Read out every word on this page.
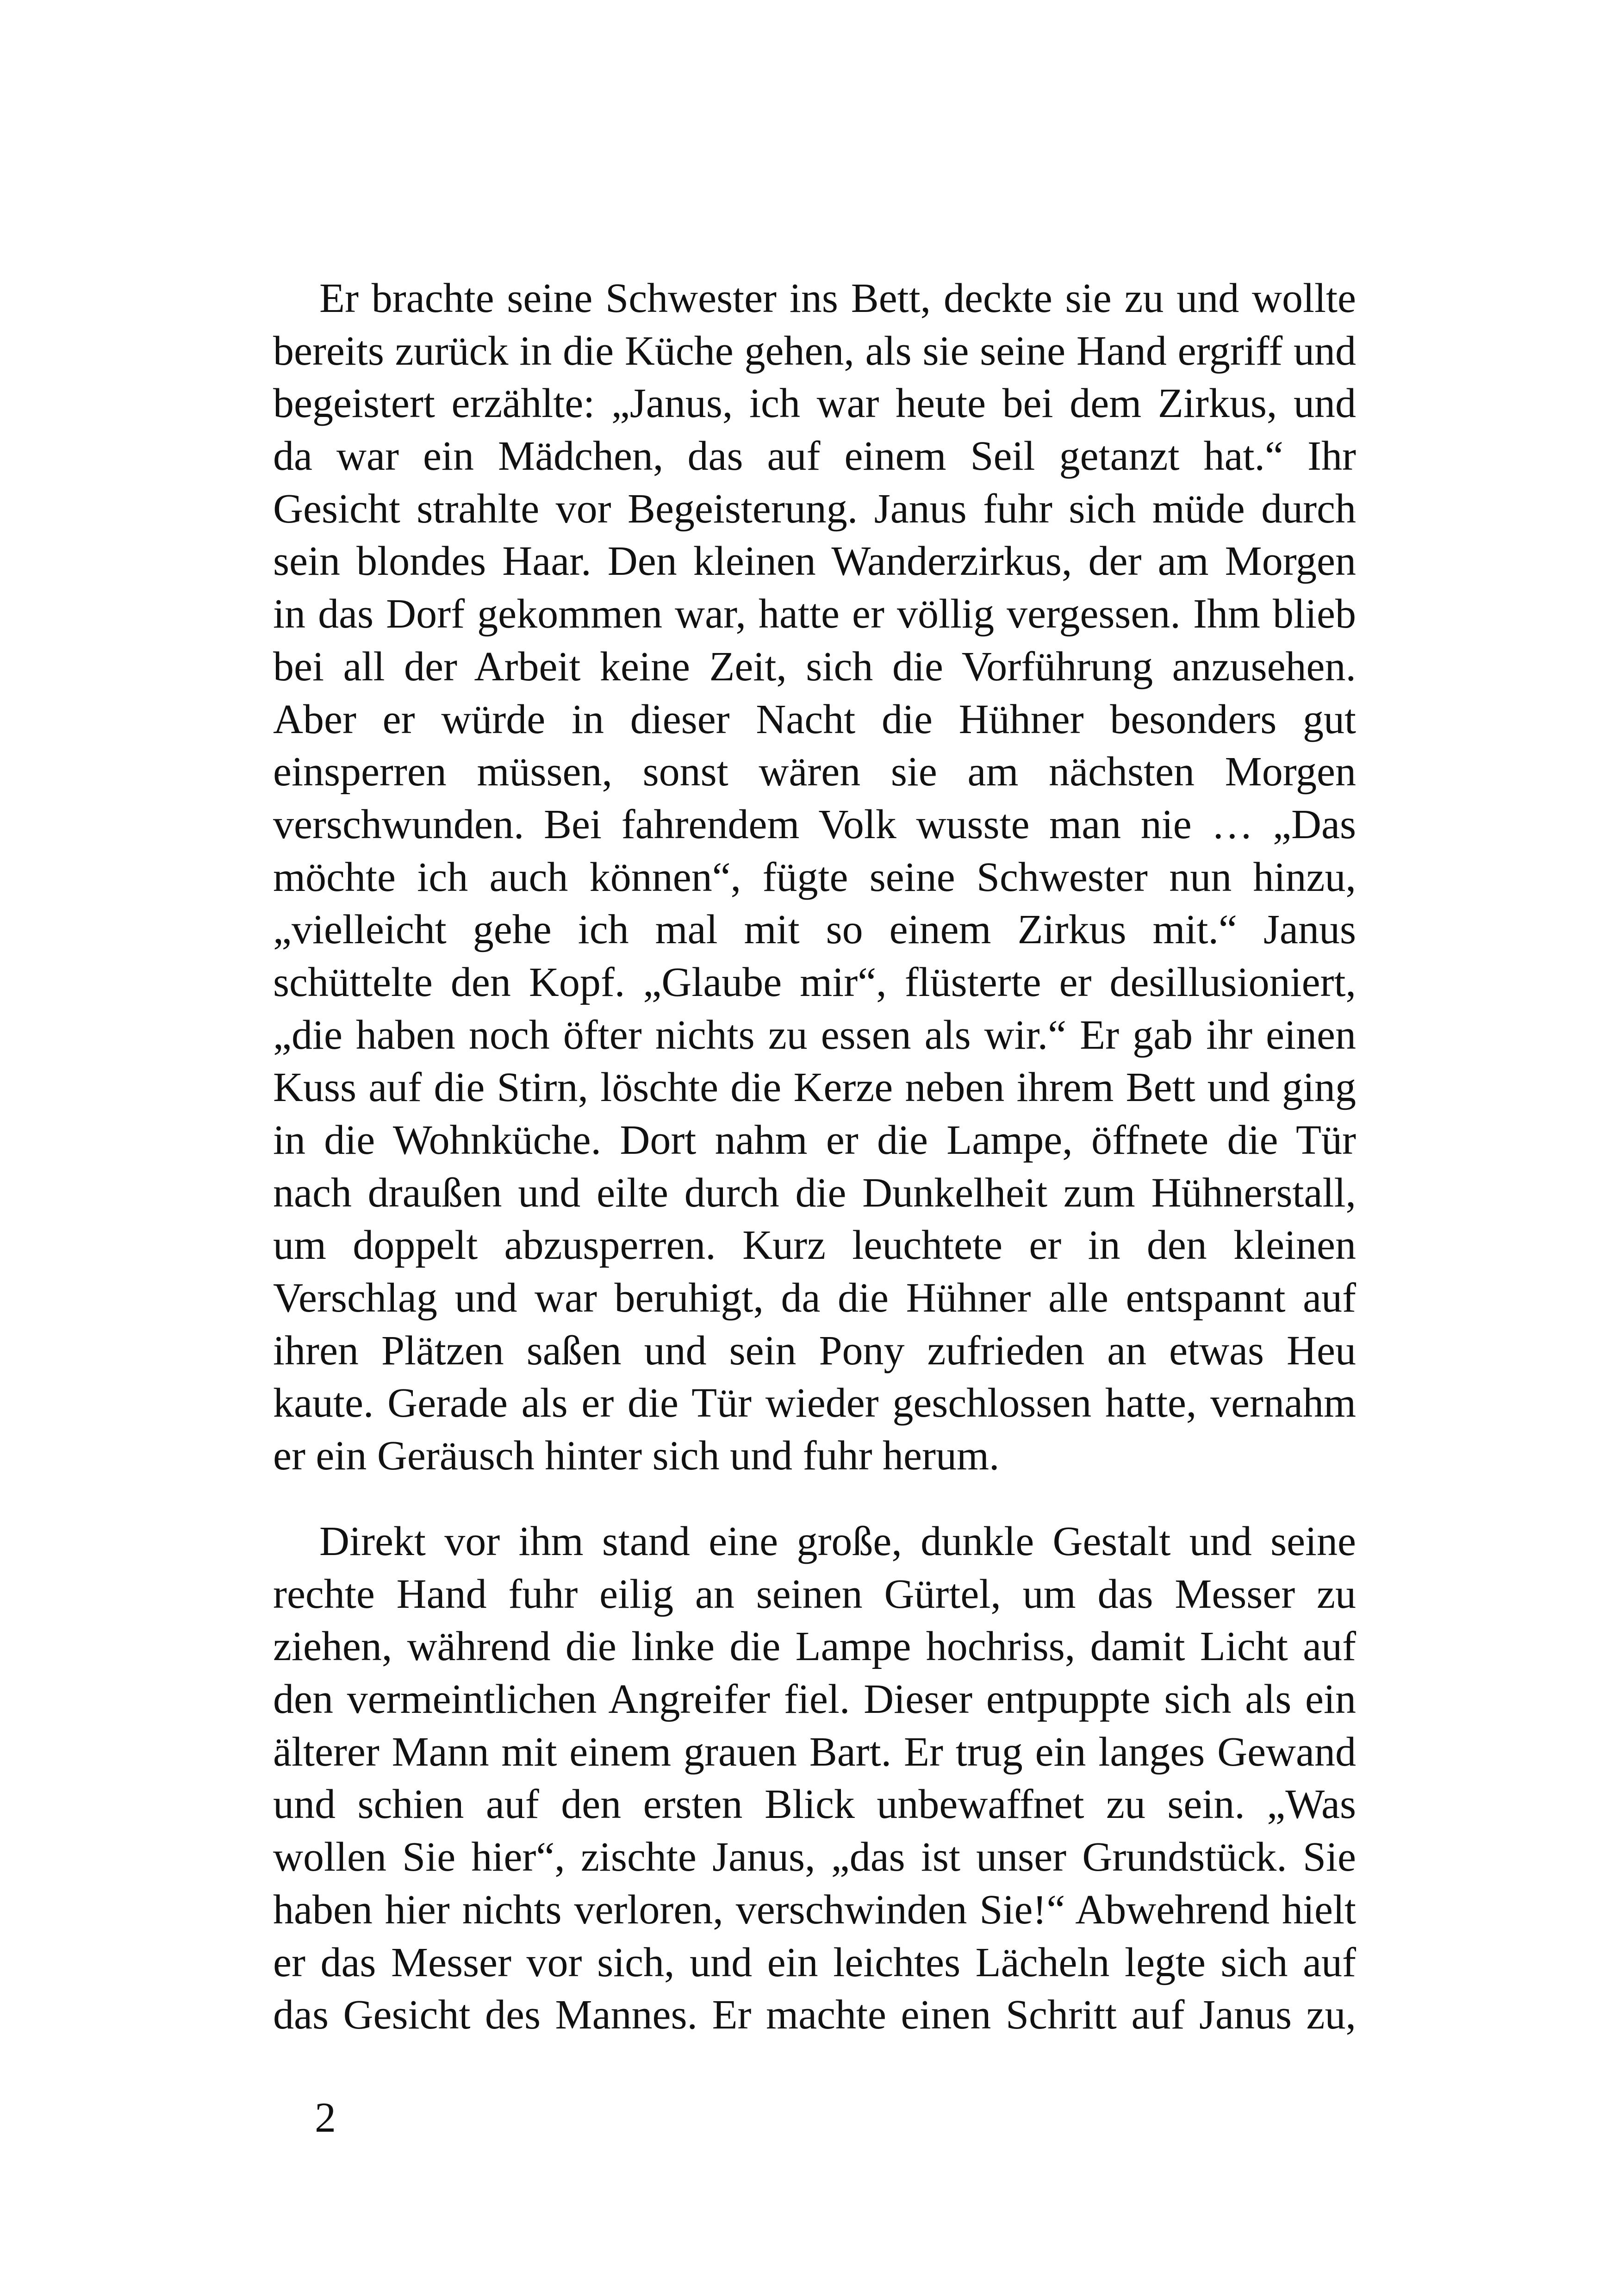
Er brachte seine Schwester ins Bett, deckte sie zu und wollte
bereits zurück in die Küche gehen, als sie seine Hand ergriff und
begeistert erzählte: „Janus, ich war heute bei dem Zirkus, und
da war ein Mädchen, das auf einem Seil getanzt hat.“ Ihr
Gesicht strahlte vor Begeisterung. Janus fuhr sich müde durch
sein blondes Haar. Den kleinen Wanderzirkus, der am Morgen
in das Dorf gekommen war, hatte er völlig vergessen. Ihm blieb
bei all der Arbeit keine Zeit, sich die Vorführung anzusehen.
Aber er würde in dieser Nacht die Hühner besonders gut
einsperren müssen, sonst wären sie am nächsten Morgen
verschwunden. Bei fahrendem Volk wusste man nie … „Das
möchte ich auch können“, fügte seine Schwester nun hinzu,
„vielleicht gehe ich mal mit so einem Zirkus mit.“ Janus
schüttelte den Kopf. „Glaube mir“, flüsterte er desillusioniert,
„die haben noch öfter nichts zu essen als wir.“ Er gab ihr einen
Kuss auf die Stirn, löschte die Kerze neben ihrem Bett und ging
in die Wohnküche. Dort nahm er die Lampe, öffnete die Tür
nach draußen und eilte durch die Dunkelheit zum Hühnerstall,
um doppelt abzusperren. Kurz leuchtete er in den kleinen
Verschlag und war beruhigt, da die Hühner alle entspannt auf
ihren Plätzen saßen und sein Pony zufrieden an etwas Heu
kaute. Gerade als er die Tür wieder geschlossen hatte, vernahm
er ein Geräusch hinter sich und fuhr herum.
Direkt vor ihm stand eine große, dunkle Gestalt und seine
rechte Hand fuhr eilig an seinen Gürtel, um das Messer zu
ziehen, während die linke die Lampe hochriss, damit Licht auf
den vermeintlichen Angreifer fiel. Dieser entpuppte sich als ein
älterer Mann mit einem grauen Bart. Er trug ein langes Gewand
und schien auf den ersten Blick unbewaffnet zu sein. „Was
wollen Sie hier“, zischte Janus, „das ist unser Grundstück. Sie
haben hier nichts verloren, verschwinden Sie!“ Abwehrend hielt
er das Messer vor sich, und ein leichtes Lächeln legte sich auf
das Gesicht des Mannes. Er machte einen Schritt auf Janus zu,
2
